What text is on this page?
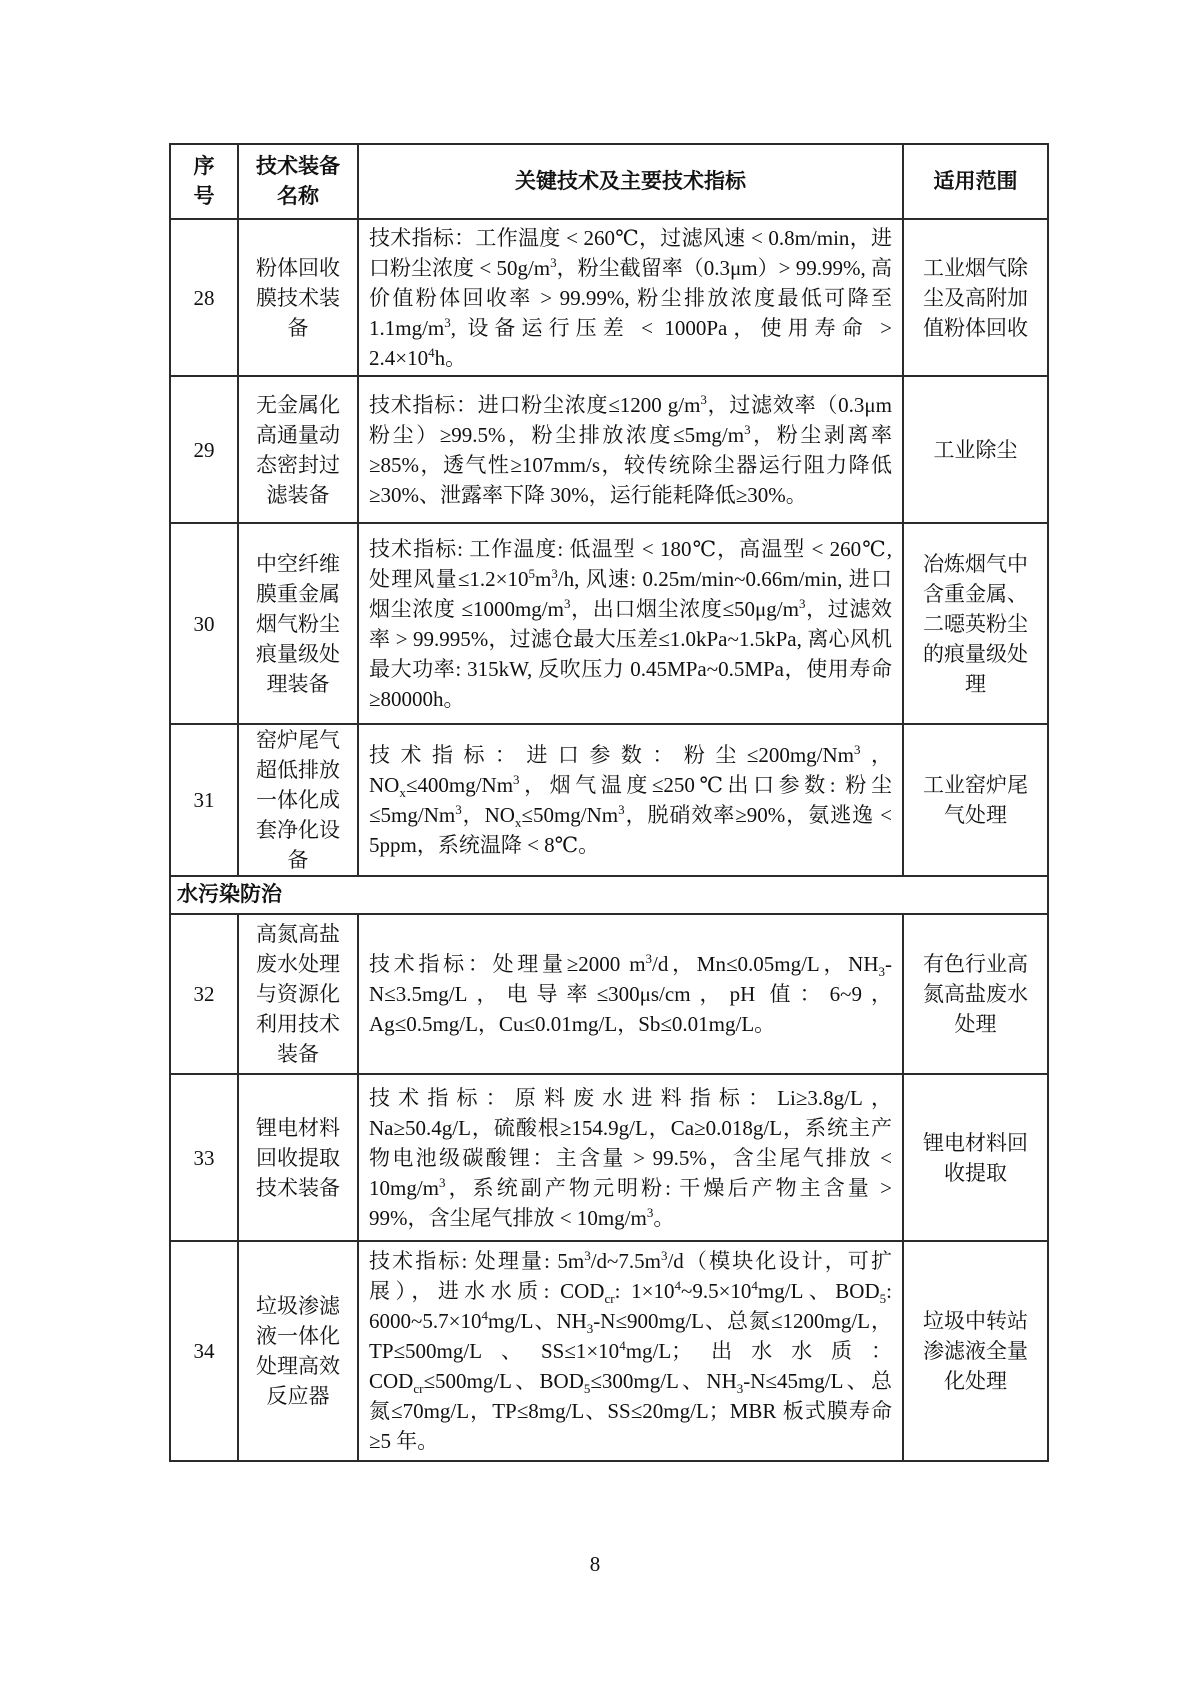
序号	技术装备名称	关键技术及主要技术指标	适用范围
28	粉体回收膜技术装备	技术指标：工作温度 < 260℃，过滤风速 < 0.8m/min，进口粉尘浓度 < $50g/m^3$，粉尘截留率（0.3μm）> 99.99%, 高价值粉体回收率 > 99.99%, 粉尘排放浓度最低可降至 $1.1mg/m^3$, 设备运行压差 < 1000Pa，使用寿命 > $2.4\times 10^4h$。	工业烟气除尘及高附加值粉体回收
29	无金属化高通量动态密封过滤装备	技术指标：进口粉尘浓度≤1200 $g/m^3$，过滤效率（0.3μm 粉尘）≥99.5%，粉尘排放浓度$\le 5mg/m^3$，粉尘剥离率≥85%，透气性≥107mm/s，较传统除尘器运行阻力降低≥30%、泄露率下降 30%，运行能耗降低≥30%。	工业除尘
30	中空纤维膜重金属烟气粉尘痕量级处理装备	技术指标: 工作温度: 低温型 < 180℃，高温型 < 260℃, 处理风量$\le 1.2\times 10^5m^3/h$, 风速: 0.25m/min~0.66m/min, 进口烟尘浓度 $\le 1000mg/m^3$，出口烟尘浓度$\le 50\mu g/m^3$，过滤效率 > 99.995%，过滤仓最大压差≤1.0kPa~1.5kPa, 离心风机最大功率: 315kW, 反吹压力 0.45MPa~0.5MPa，使用寿命≥80000h。	冶炼烟气中含重金属、二噁英粉尘的痕量级处理
31	窑炉尾气超低排放一体化成套净化设备	技术指标：进口参数：粉尘$\le 200mg/Nm^3$，$NO_x\le 400mg/Nm^3$，烟气温度≤250℃出口参数: 粉尘$\le 5mg/Nm^3$，$NO_x\le 50mg/Nm^3$，脱硝效率≥90%，氨逃逸 < 5ppm，系统温降 < 8℃。	工业窑炉尾气处理
水污染防治			
32	高氮高盐废水处理与资源化利用技术装备	技术指标：处理量≥2000 $m^3/d$，Mn≤0.05mg/L，$NH_3-N\le 3.5mg/L$，电导率≤300μs/cm，pH 值：6~9，Ag≤0.5mg/L，Cu≤0.01mg/L，Sb≤0.01mg/L。	有色行业高氮高盐废水处理
33	锂电材料回收提取技术装备	技术指标：原料废水进料指标：Li≥3.8g/L，Na≥50.4g/L，硫酸根≥154.9g/L，Ca≥0.018g/L，系统主产物电池级碳酸锂：主含量 > 99.5%，含尘尾气排放 < $10mg/m^3$，系统副产物元明粉: 干燥后产物主含量 > 99%，含尘尾气排放 < $10mg/m^3$。	锂电材料回收提取
34	垃圾渗滤液一体化处理高效反应器	技术指标: 处理量: $5m^3/d\sim 7.5m^3/d$（模块化设计，可扩展），进水水质: $COD_{cr}$: $1\times 10^4\sim 9.5\times 10^4mg/L$、$BOD_5$: $6000\sim 5.7\times 10^4mg/L$、$NH_3-N\le 900mg/L$、总氮≤1200mg/L，TP≤500mg/L、$SS\le 1\times 10^4mg/L$；出水水质：$COD_{cr}\le 500mg/L$、$BOD_5\le 300mg/L$、$NH_3-N\le 45mg/L$、总氮≤70mg/L，TP≤8mg/L、SS≤20mg/L；MBR 板式膜寿命≥5 年。	垃圾中转站渗滤液全量化处理
8
